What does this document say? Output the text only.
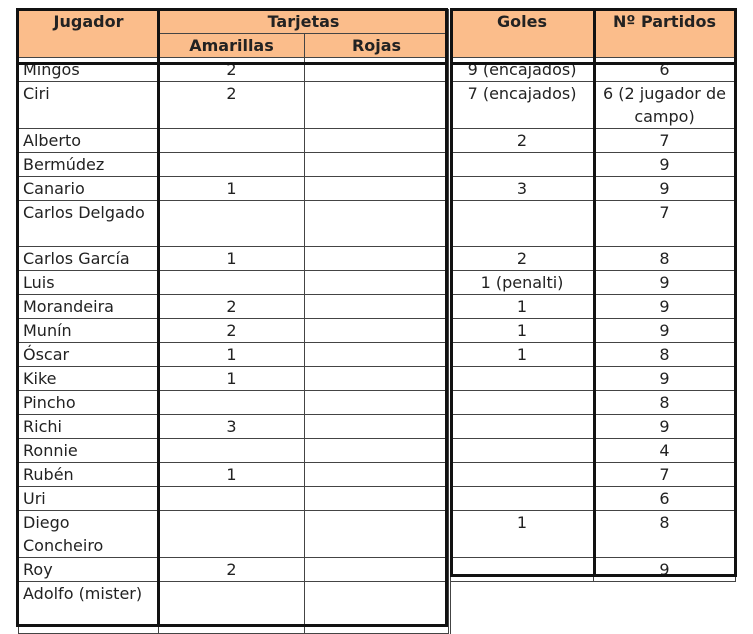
Jugador	Tarjetas			Goles	Nº Partidos
	Amarillas	Rojas			
Mingos	2			9 (encajados)	6
Ciri	2			7 (encajados)	6 (2 jugador de campo)
Alberto				2	7
Bermúdez					9
Canario	1			3	9
Carlos Delgado					7
Carlos García	1			2	8
Luis				1 (penalti)	9
Morandeira	2			1	9
Munín	2			1	9
Óscar	1			1	8
Kike	1				9
Pincho					8
Richi	3				9
Ronnie					4
Rubén	1				7
Uri					6
Diego Concheiro				1	8
Roy	2				9
Adolfo (mister)					
